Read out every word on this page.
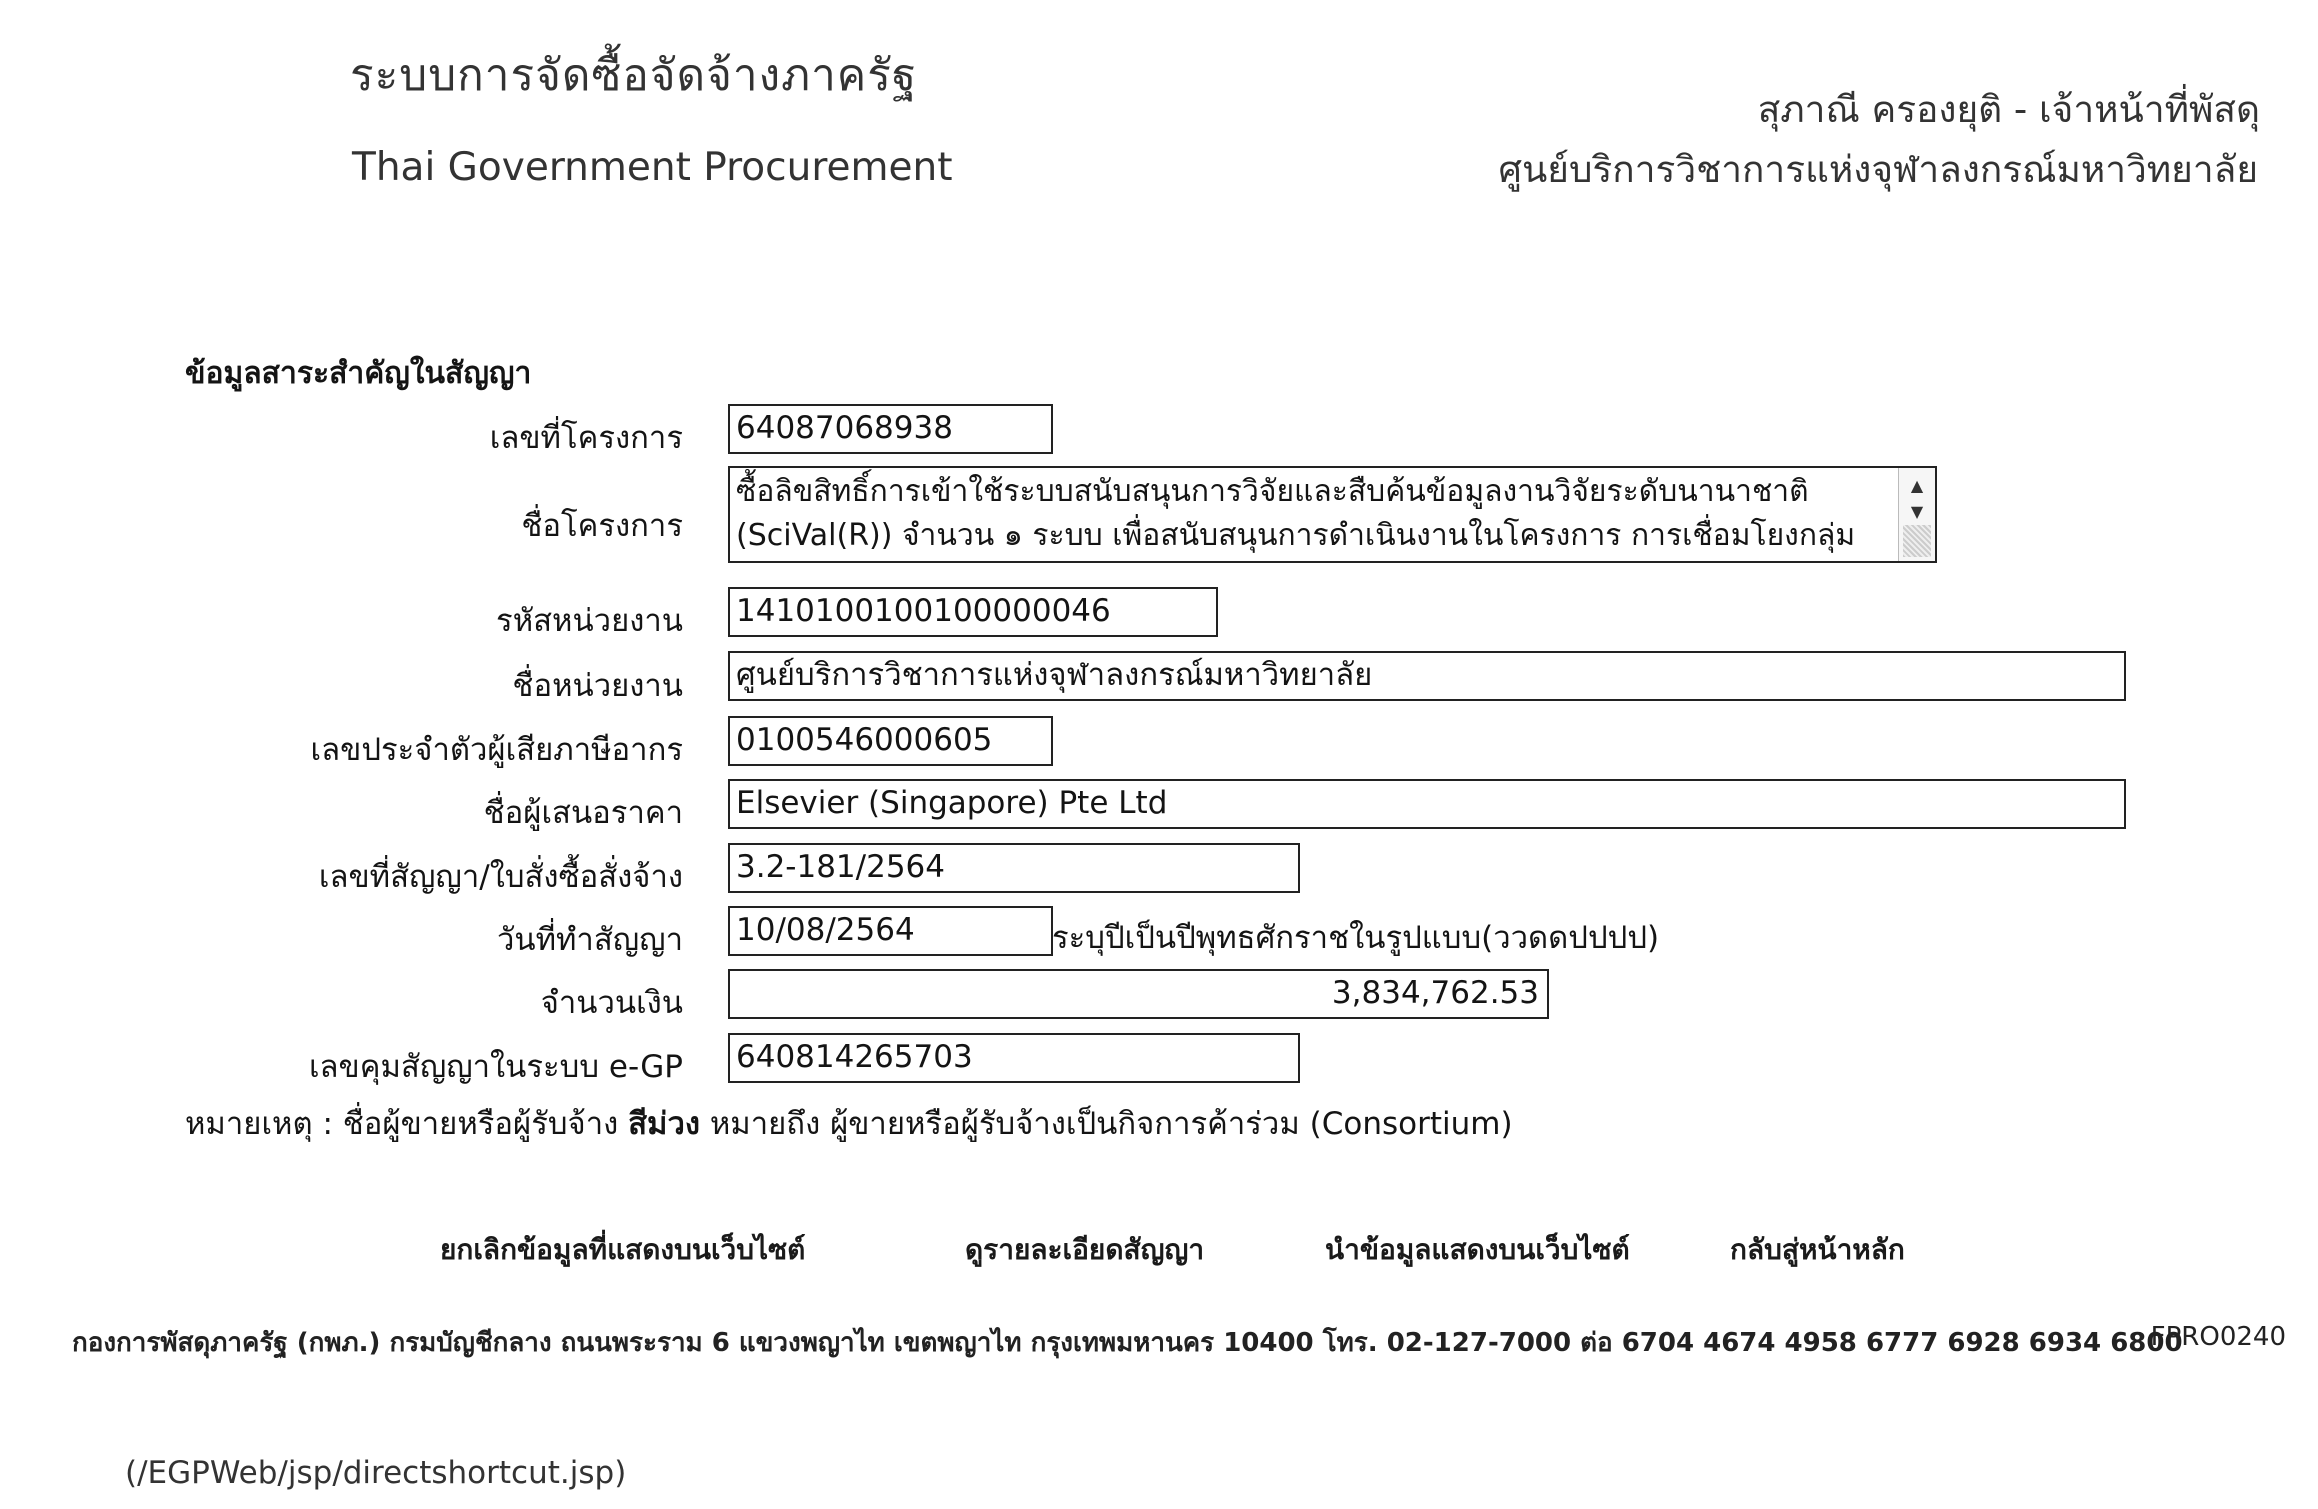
ระบบการจัดซื้อจัดจ้างภาครัฐ
Thai Government Procurement
สุภาณี ครองยุติ - เจ้าหน้าที่พัสดุ
ศูนย์บริการวิชาการแห่งจุฬาลงกรณ์มหาวิทยาลัย
ข้อมูลสาระสำคัญในสัญญา
เลขที่โครงการ 64087068938
ชื่อโครงการ
ซื้อลิขสิทธิ์การเข้าใช้ระบบสนับสนุนการวิจัยและสืบค้นข้อมูลงานวิจัยระดับนานาชาติ
(SciVal(R)) จำนวน ๑ ระบบ เพื่อสนับสนุนการดำเนินงานในโครงการ การเชื่อมโยงกลุ่ม
▲
▼
รหัสหน่วยงาน 1410100100100000046
ชื่อหน่วยงาน ศูนย์บริการวิชาการแห่งจุฬาลงกรณ์มหาวิทยาลัย
เลขประจำตัวผู้เสียภาษีอากร 0100546000605
ชื่อผู้เสนอราคา Elsevier (Singapore) Pte Ltd
เลขที่สัญญา/ใบสั่งซื้อสั่งจ้าง 3.2-181/2564
วันที่ทำสัญญา 10/08/2564	ระบุปีเป็นปีพุทธศักราชในรูปแบบ(ววดดปปปป)
จำนวนเงิน	3,834,762.53
เลขคุมสัญญาในระบบ e-GP 640814265703
หมายเหตุ : ชื่อผู้ขายหรือผู้รับจ้าง สีม่วง หมายถึง ผู้ขายหรือผู้รับจ้างเป็นกิจการค้าร่วม (Consortium)
ยกเลิกข้อมูลที่แสดงบนเว็บไซต์	ดูรายละเอียดสัญญา	นำข้อมูลแสดงบนเว็บไซต์	กลับสู่หน้าหลัก
กองการพัสดุภาครัฐ (กพภ.) กรมบัญชีกลาง ถนนพระราม 6 แขวงพญาไท เขตพญาไท กรุงเทพมหานคร 10400 โทร. 02-127-7000 ต่อ 6704 4674 4958 6777 6928 6934 6800
FPRO0240
(/EGPWeb/jsp/directshortcut.jsp)
